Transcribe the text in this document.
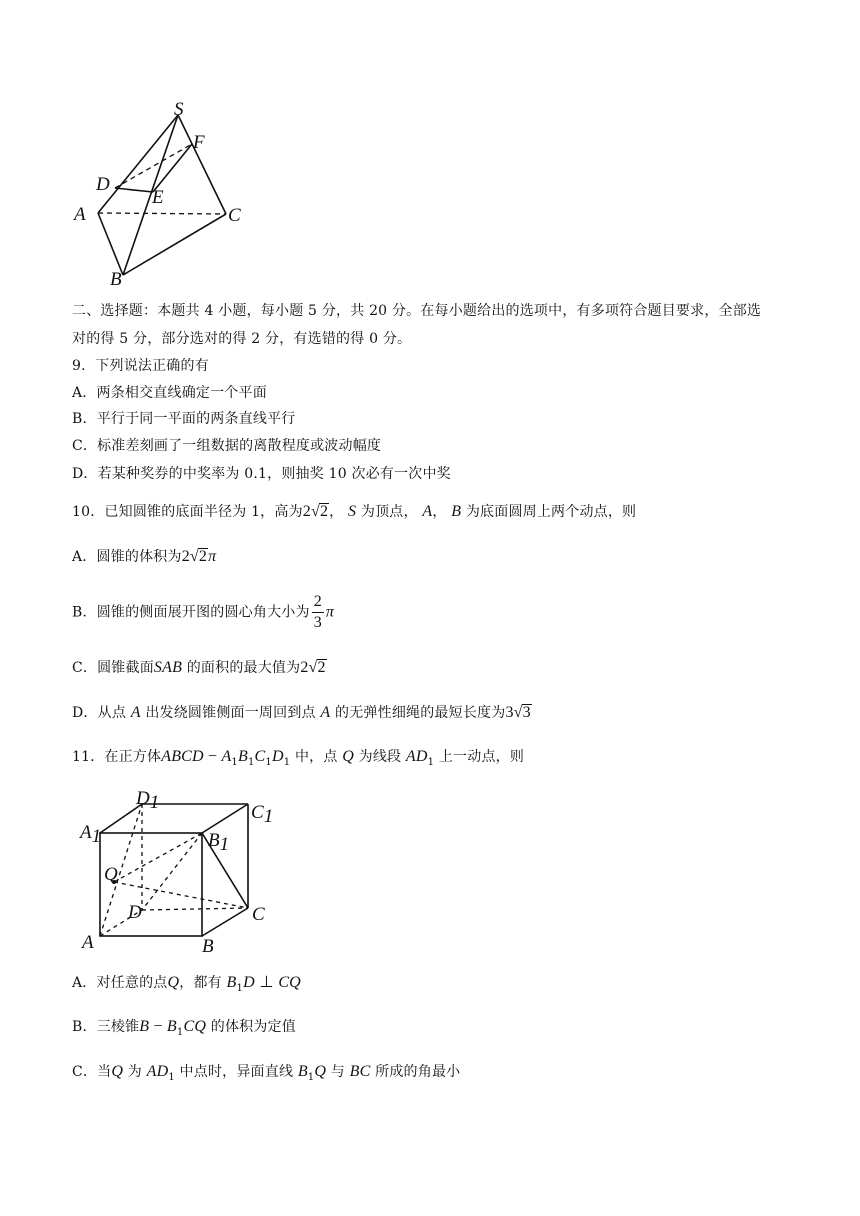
S
F
D
E
A	C
B
二、选择题：本题共 4 小题，每小题 5 分，共 20 分。在每小题给出的选项中，有多项符合题目要求，全部选
对的得 5 分，部分选对的得 2 分，有选错的得 0 分。
9．下列说法正确的有
A．两条相交直线确定一个平面
B．平行于同一平面的两条直线平行
C．标准差刻画了一组数据的离散程度或波动幅度
D．若某种奖券的中奖率为 0.1，则抽奖 10 次必有一次中奖
10．已知圆锥的底面半径为 1，高为2√2， S 为顶点， A， B 为底面圆周上两个动点，则
A．圆锥的体积为2√2π
B．圆锥的侧面展开图的圆心角大小为 $\frac{2}{3}$ π
C．圆锥截面SAB 的面积的最大值为2√2
D．从点 A 出发绕圆锥侧面一周回到点 A 的无弹性细绳的最短长度为3√3
11．在正方体ABCD − $A_1B_1C_1D_1$ 中，点 Q 为线段 $AD_1$ 上一动点，则
D1	C1
A1	B1
Q
D	C
A	B
A．对任意的点Q，都有 $B_1D$ ⊥ CQ
B．三棱锥$B - B_1CQ$ 的体积为定值
C．当Q 为 $AD_1$ 中点时，异面直线 $B_1Q$ 与 BC 所成的角最小
